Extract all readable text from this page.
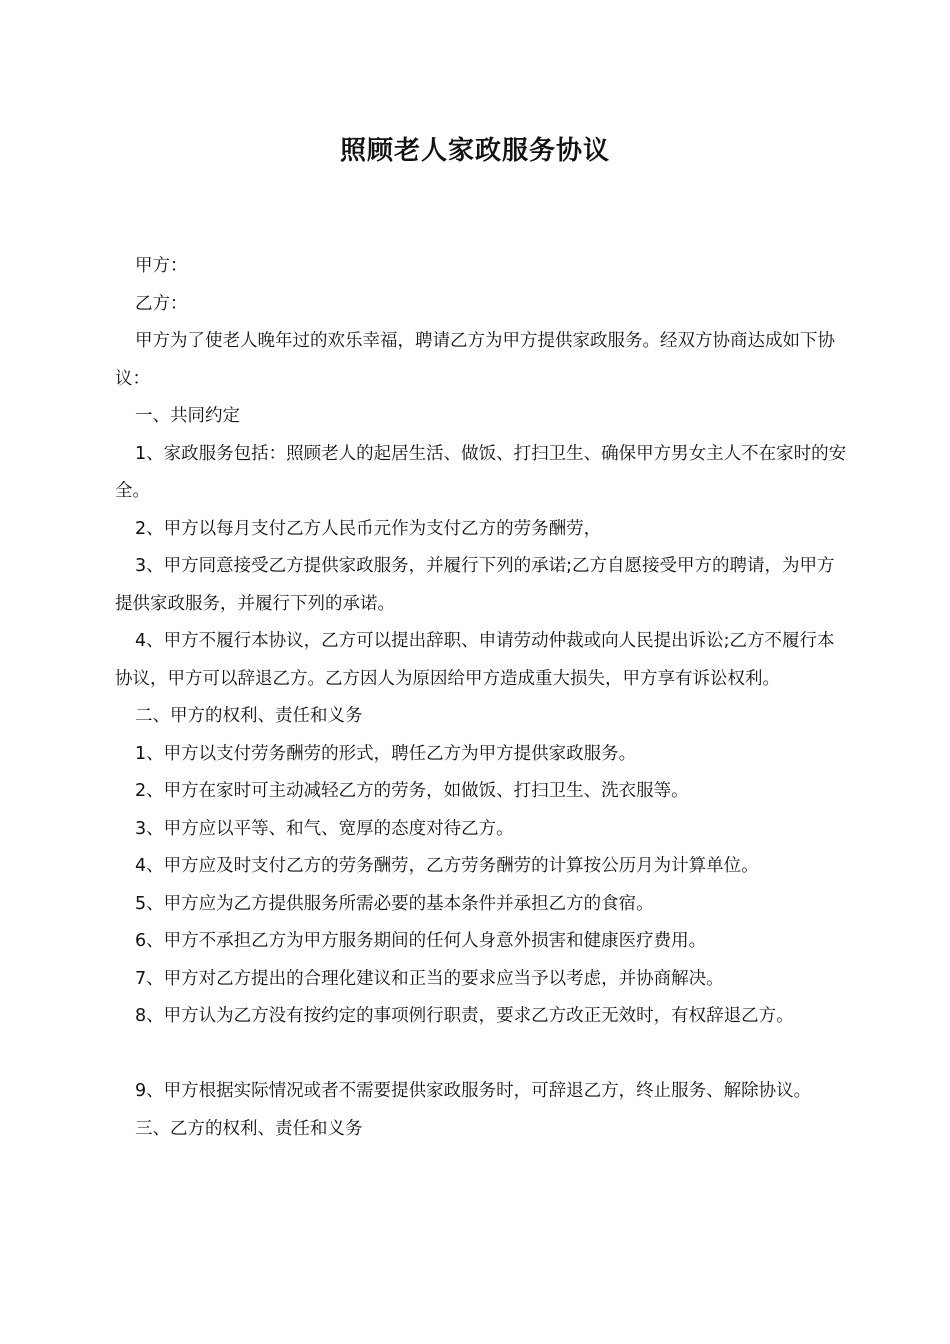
照顾老人家政服务协议

甲方：

乙方：

甲方为了使老人晚年过的欢乐幸福，聘请乙方为甲方提供家政服务。经双方协商达成如下协议：

一、共同约定

1、家政服务包括：照顾老人的起居生活、做饭、打扫卫生、确保甲方男女主人不在家时的安全。

2、甲方以每月支付乙方人民币元作为支付乙方的劳务酬劳，

3、甲方同意接受乙方提供家政服务，并履行下列的承诺;乙方自愿接受甲方的聘请，为甲方提供家政服务，并履行下列的承诺。

4、甲方不履行本协议，乙方可以提出辞职、申请劳动仲裁或向人民提出诉讼;乙方不履行本协议，甲方可以辞退乙方。乙方因人为原因给甲方造成重大损失，甲方享有诉讼权利。

二、甲方的权利、责任和义务

1、甲方以支付劳务酬劳的形式，聘任乙方为甲方提供家政服务。

2、甲方在家时可主动减轻乙方的劳务，如做饭、打扫卫生、洗衣服等。

3、甲方应以平等、和气、宽厚的态度对待乙方。

4、甲方应及时支付乙方的劳务酬劳，乙方劳务酬劳的计算按公历月为计算单位。

5、甲方应为乙方提供服务所需必要的基本条件并承担乙方的食宿。

6、甲方不承担乙方为甲方服务期间的任何人身意外损害和健康医疗费用。

7、甲方对乙方提出的合理化建议和正当的要求应当予以考虑，并协商解决。

8、甲方认为乙方没有按约定的事项例行职责，要求乙方改正无效时，有权辞退乙方。

9、甲方根据实际情况或者不需要提供家政服务时，可辞退乙方，终止服务、解除协议。

三、乙方的权利、责任和义务
